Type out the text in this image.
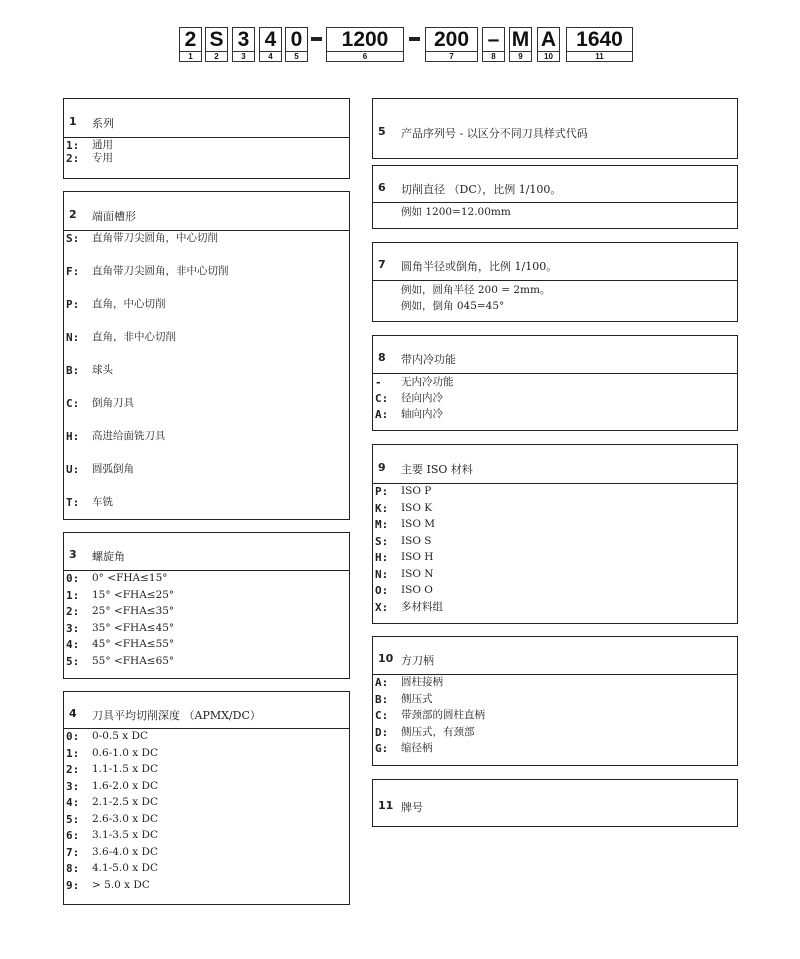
2
1
S
2
3
3
4
4
0
5
1200
6
200
7
–
8
M
9
A
10
1640
11
1 系列
1: 通用
2: 专用
2 端面槽形
S: 直角带刀尖圆角，中心切削
F: 直角带刀尖圆角，非中心切削
P: 直角，中心切削
N: 直角，非中心切削
B: 球头
C: 倒角刀具
H: 高进给面铣刀具
U: 圆弧倒角
T: 车铣
3 螺旋角
0: 0° <FHA≤15°
1: 15° <FHA≤25°
2: 25° <FHA≤35°
3: 35° <FHA≤45°
4: 45° <FHA≤55°
5: 55° <FHA≤65°
4 刀具平均切削深度 （APMX/DC）
0: 0-0.5 x DC
1: 0.6-1.0 x DC
2: 1.1-1.5 x DC
3: 1.6-2.0 x DC
4: 2.1-2.5 x DC
5: 2.6-3.0 x DC
6: 3.1-3.5 x DC
7: 3.6-4.0 x DC
8: 4.1-5.0 x DC
9: > 5.0 x DC
5 产品序列号 - 以区分不同刀具样式代码
6 切削直径 （DC），比例 1/100。
例如 1200=12.00mm
7 圆角半径或倒角，比例 1/100。
例如，圆角半径 200 = 2mm。
例如，倒角 045=45°
8 带内冷功能
- 无内冷功能
C: 径向内冷
A: 轴向内冷
9 主要 ISO 材料
P: ISO P
K: ISO K
M: ISO M
S: ISO S
H: ISO H
N: ISO N
O: ISO O
X: 多材料组
10 方刀柄
A: 圆柱接柄
B: 侧压式
C: 带颈部的圆柱直柄
D: 侧压式，有颈部
G: 缩径柄
11 牌号
